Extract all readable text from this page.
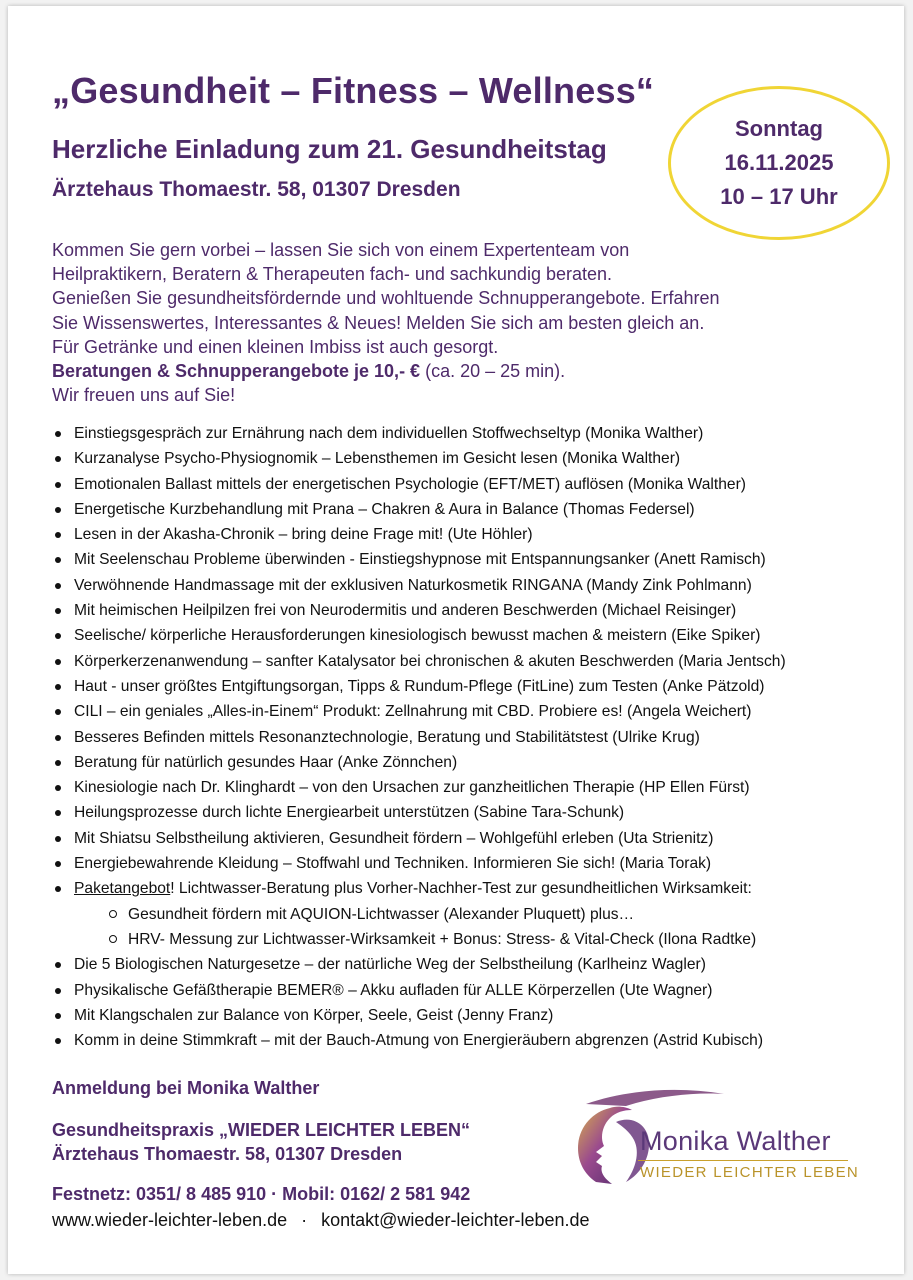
„Gesundheit – Fitness – Wellness“
Herzliche Einladung zum 21. Gesundheitstag
Ärztehaus Thomaestr. 58, 01307 Dresden
Sonntag
16.11.2025
10 – 17 Uhr
Kommen Sie gern vorbei – lassen Sie sich von einem Expertenteam von
Heilpraktikern, Beratern & Therapeuten fach- und sachkundig beraten.
Genießen Sie gesundheitsfördernde und wohltuende Schnupperangebote. Erfahren
Sie Wissenswertes, Interessantes & Neues! Melden Sie sich am besten gleich an.
Für Getränke und einen kleinen Imbiss ist auch gesorgt.
Beratungen & Schnupperangebote je 10,- € (ca. 20 – 25 min).
Wir freuen uns auf Sie!
Einstiegsgespräch zur Ernährung nach dem individuellen Stoffwechseltyp (Monika Walther)
Kurzanalyse Psycho-Physiognomik – Lebensthemen im Gesicht lesen (Monika Walther)
Emotionalen Ballast mittels der energetischen Psychologie (EFT/MET) auflösen (Monika Walther)
Energetische Kurzbehandlung mit Prana – Chakren & Aura in Balance (Thomas Federsel)
Lesen in der Akasha-Chronik – bring deine Frage mit! (Ute Höhler)
Mit Seelenschau Probleme überwinden - Einstiegshypnose mit Entspannungsanker (Anett Ramisch)
Verwöhnende Handmassage mit der exklusiven Naturkosmetik RINGANA (Mandy Zink Pohlmann)
Mit heimischen Heilpilzen frei von Neurodermitis und anderen Beschwerden (Michael Reisinger)
Seelische/ körperliche Herausforderungen kinesiologisch bewusst machen & meistern (Eike Spiker)
Körperkerzenanwendung – sanfter Katalysator bei chronischen & akuten Beschwerden (Maria Jentsch)
Haut - unser größtes Entgiftungsorgan, Tipps & Rundum-Pflege (FitLine) zum Testen (Anke Pätzold)
CILI – ein geniales „Alles-in-Einem“ Produkt: Zellnahrung mit CBD. Probiere es! (Angela Weichert)
Besseres Befinden mittels Resonanztechnologie, Beratung und Stabilitätstest (Ulrike Krug)
Beratung für natürlich gesundes Haar (Anke Zönnchen)
Kinesiologie nach Dr. Klinghardt – von den Ursachen zur ganzheitlichen Therapie (HP Ellen Fürst)
Heilungsprozesse durch lichte Energiearbeit unterstützen (Sabine Tara-Schunk)
Mit Shiatsu Selbstheilung aktivieren, Gesundheit fördern – Wohlgefühl erleben (Uta Strienitz)
Energiebewahrende Kleidung – Stoffwahl und Techniken. Informieren Sie sich! (Maria Torak)
Paketangebot! Lichtwasser-Beratung plus Vorher-Nachher-Test zur gesundheitlichen Wirksamkeit:
Gesundheit fördern mit AQUION-Lichtwasser (Alexander Pluquett) plus…
HRV- Messung zur Lichtwasser-Wirksamkeit + Bonus: Stress- & Vital-Check (Ilona Radtke)
Die 5 Biologischen Naturgesetze – der natürliche Weg der Selbstheilung (Karlheinz Wagler)
Physikalische Gefäßtherapie BEMER® – Akku aufladen für ALLE Körperzellen (Ute Wagner)
Mit Klangschalen zur Balance von Körper, Seele, Geist (Jenny Franz)
Komm in deine Stimmkraft – mit der Bauch-Atmung von Energieräubern abgrenzen (Astrid Kubisch)
Anmeldung bei Monika Walther
Gesundheitspraxis „WIEDER LEICHTER LEBEN“
Ärztehaus Thomaestr. 58, 01307 Dresden
Festnetz: 0351/ 8 485 910 · Mobil: 0162/ 2 581 942
www.wieder-leichter-leben.de · kontakt@wieder-leichter-leben.de
Monika Walther
WIEDER LEICHTER LEBEN
